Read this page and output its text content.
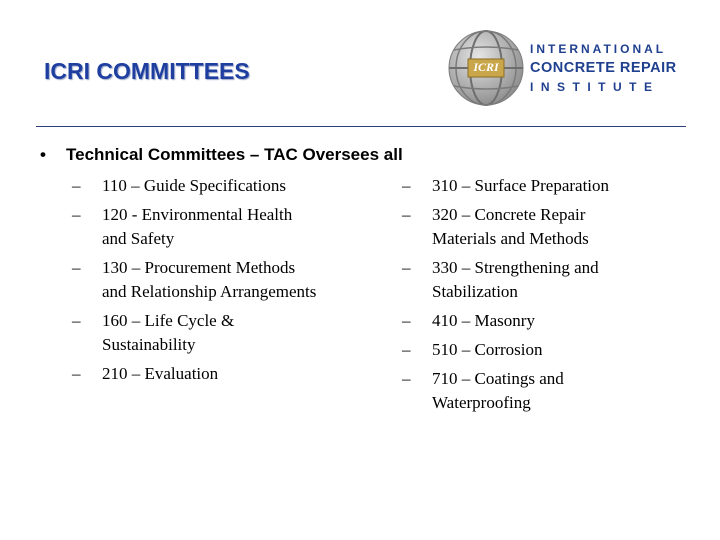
ICRI COMMITTEES	ICRI
INTERNATIONAL
CONCRETE REPAIR
INSTITUTE
• Technical Committees – TAC Oversees all
– 110 – Guide Specifications
– 120 - Environmental Health
and Safety
– 130 – Procurement Methods
and Relationship Arrangements
– 160 – Life Cycle &
Sustainability
– 210 – Evaluation
– 310 – Surface Preparation
– 320 – Concrete Repair
Materials and Methods
– 330 – Strengthening and
Stabilization
– 410 – Masonry
– 510 – Corrosion
– 710 – Coatings and
Waterproofing
